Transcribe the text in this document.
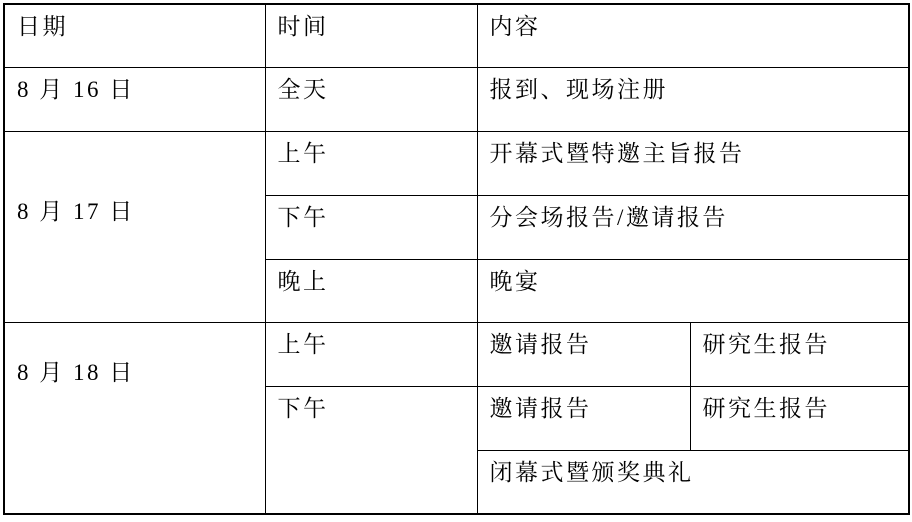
日期	时间	内容	
8 月 16 日	全天	报到、现场注册	
8 月 17 日	上午	开幕式暨特邀主旨报告	
	下午	分会场报告/邀请报告	
	晚上	晚宴	
8 月 18 日	上午	邀请报告	研究生报告
	下午	邀请报告	研究生报告
		闭幕式暨颁奖典礼	
